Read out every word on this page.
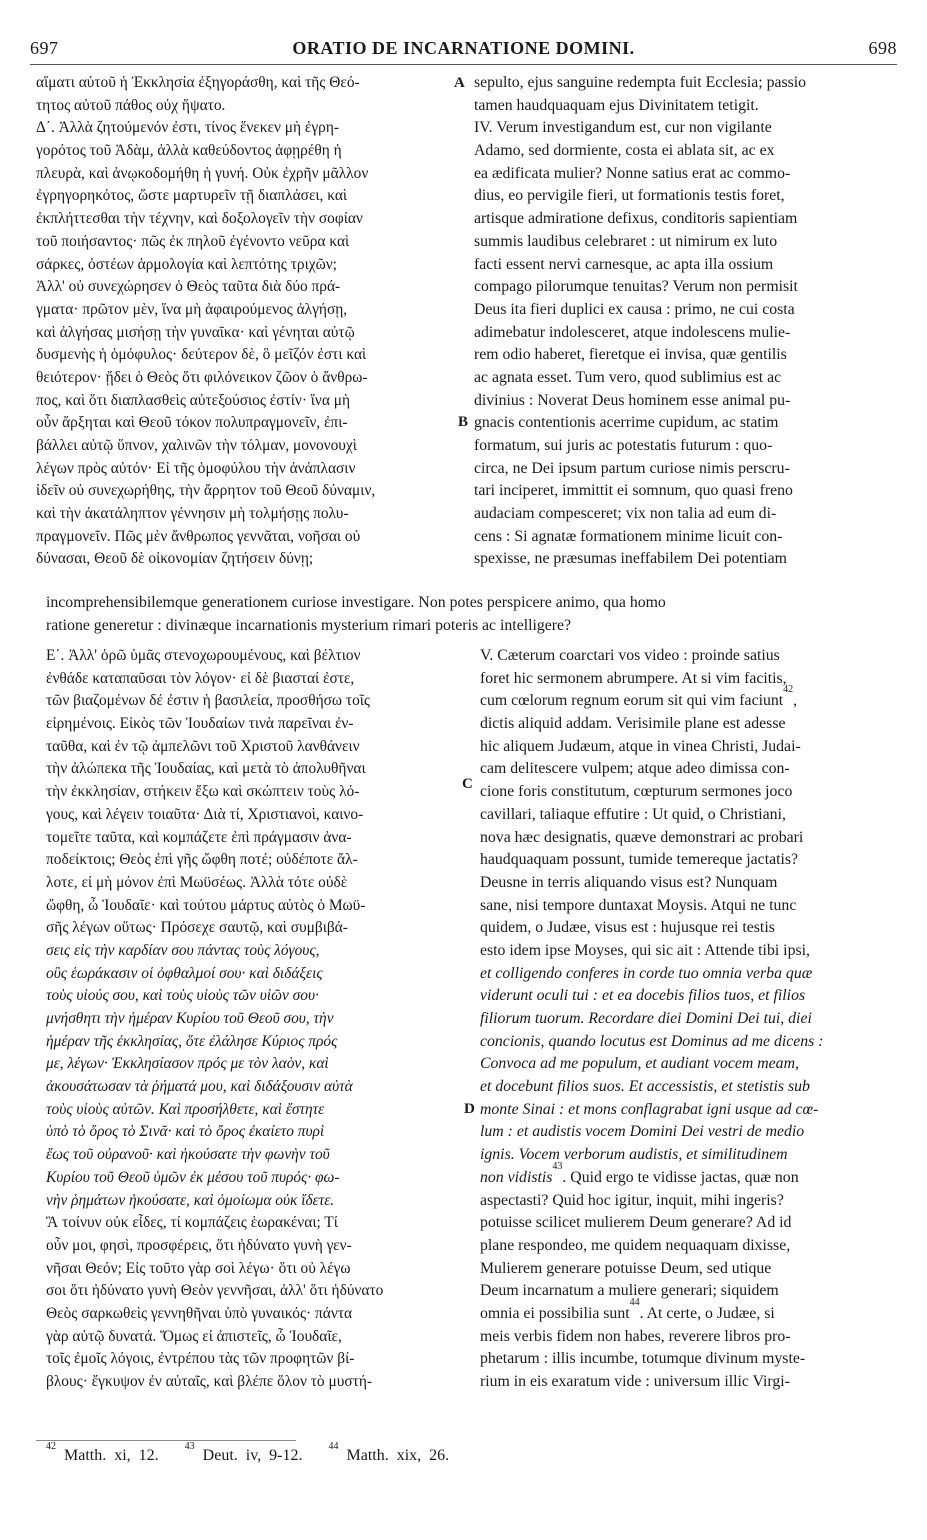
697	ORATIO DE INCARNATIONE DOMINI.	698
αἵματι αὐτοῦ ἡ Ἐκκλησία ἐξηγοράσθη, καὶ τῆς Θεό-
τητος αὐτοῦ πάθος οὐχ ἥψατο.
Δ΄. Ἀλλὰ ζητούμενόν ἐστι, τίνος ἕνεκεν μὴ ἐγρη-
γορότος τοῦ Ἀδὰμ, ἀλλὰ καθεύδοντος ἀφῃρέθη ἡ
πλευρὰ, καὶ ἀνῳκοδομήθη ἡ γυνή. Οὐκ ἐχρῆν μᾶλλον
ἐγρηγορηκότος, ὥστε μαρτυρεῖν τῇ διαπλάσει, καὶ
ἐκπλήττεσθαι τὴν τέχνην, καὶ δοξολογεῖν τὴν σοφίαν
τοῦ ποιήσαντος· πῶς ἐκ πηλοῦ ἐγένοντο νεῦρα καὶ
σάρκες, ὀστέων ἁρμολογία καὶ λεπτότης τριχῶν;
Ἀλλ' οὐ συνεχώρησεν ὁ Θεὸς ταῦτα διὰ δύο πρά-
γματα· πρῶτον μὲν, ἵνα μὴ ἀφαιρούμενος ἀλγήσῃ,
καὶ ἀλγήσας μισήσῃ τὴν γυναῖκα· καὶ γένηται αὐτῷ
δυσμενὴς ἡ ὁμόφυλος· δεύτερον δὲ, ὃ μεῖζόν ἐστι καὶ
θειότερον· ᾔδει ὁ Θεὸς ὅτι φιλόνεικον ζῶον ὁ ἄνθρω-
πος, καὶ ὅτι διαπλασθεὶς αὐτεξούσιος ἐστίν· ἵνα μὴ
οὖν ἄρξηται καὶ Θεοῦ τόκον πολυπραγμονεῖν, ἐπι-
βάλλει αὐτῷ ὕπνον, χαλινῶν τὴν τόλμαν, μονονουχὶ
λέγων πρὸς αὐτόν· Εἰ τῆς ὁμοφύλου τὴν ἀνάπλασιν
ἰδεῖν οὐ συνεχωρήθης, τὴν ἄρρητον τοῦ Θεοῦ δύναμιν,
καὶ τὴν ἀκατάληπτον γέννησιν μὴ τολμήσῃς πολυ-
πραγμονεῖν. Πῶς μὲν ἄνθρωπος γεννᾶται, νοῆσαι οὐ
δύνασαι, Θεοῦ δὲ οἰκονομίαν ζητήσειν δύνῃ;
sepulto, ejus sanguine redempta fuit Ecclesia; passio
tamen haudquaquam ejus Divinitatem tetigit.
IV. Verum investigandum est, cur non vigilante
Adamo, sed dormiente, costa ei ablata sit, ac ex
ea ædificata mulier? Nonne satius erat ac commo-
dius, eo pervigile fieri, ut formationis testis foret,
artisque admiratione defixus, conditoris sapientiam
summis laudibus celebraret : ut nimirum ex luto
facti essent nervi carnesque, ac apta illa ossium
compago pilorumque tenuitas? Verum non permisit
Deus ita fieri duplici ex causa : primo, ne cui costa
adimebatur indolesceret, atque indolescens mulie-
rem odio haberet, fieretque ei invisa, quæ gentilis
ac agnata esset. Tum vero, quod sublimius est ac
divinius : Noverat Deus hominem esse animal pu-
gnacis contentionis acerrime cupidum, ac statim
formatum, sui juris ac potestatis futurum : quo-
circa, ne Dei ipsum partum curiose nimis perscru-
tari inciperet, immittit ei somnum, quo quasi freno
audaciam compesceret; vix non talia ad eum di-
cens : Si agnatæ formationem minime licuit con-
spexisse, ne præsumas ineffabilem Dei potentiam
incomprehensibilemque generationem curiose investigare. Non potes perspicere animo, qua homo
ratione generetur : divinæque incarnationis mysterium rimari poteris ac intelligere?
Ε΄. Ἀλλ' ὁρῶ ὑμᾶς στενοχωρουμένους, καὶ βέλτιον
ἐνθάδε καταπαῦσαι τὸν λόγον· εἰ δὲ βιασταί ἐστε,
τῶν βιαζομένων δέ ἐστιν ἡ βασιλεία, προσθήσω τοῖς
εἰρημένοις. Εἰκὸς τῶν Ἰουδαίων τινὰ παρεῖναι ἐν-
ταῦθα, καὶ ἐν τῷ ἀμπελῶνι τοῦ Χριστοῦ λανθάνειν
τὴν ἀλώπεκα τῆς Ἰουδαίας, καὶ μετὰ τὸ ἀπολυθῆναι
τὴν ἐκκλησίαν, στήκειν ἔξω καὶ σκώπτειν τοὺς λό-
γους, καὶ λέγειν τοιαῦτα· Διὰ τί, Χριστιανοὶ, καινο-
τομεῖτε ταῦτα, καὶ κομπάζετε ἐπὶ πράγμασιν ἀνα-
ποδείκτοις; Θεὸς ἐπὶ γῆς ὤφθη ποτέ; οὐδέποτε ἄλ-
λοτε, εἰ μὴ μόνον ἐπὶ Μωϋσέως. Ἀλλὰ τότε οὐδὲ
ὤφθη, ὦ Ἰουδαῖε· καὶ τούτου μάρτυς αὐτὸς ὁ Μωϋ-
σῆς λέγων οὕτως· Πρόσεχε σαυτῷ, καὶ συμβιβά-
σεις εἰς τὴν καρδίαν σου πάντας τοὺς λόγους,
οὓς ἑωράκασιν οἱ ὀφθαλμοί σου· καὶ διδάξεις
τοὺς υἱούς σου, καὶ τοὺς υἱοὺς τῶν υἱῶν σου·
μνήσθητι τὴν ἡμέραν Κυρίου τοῦ Θεοῦ σου, τὴν
ἡμέραν τῆς ἐκκλησίας, ὅτε ἐλάλησε Κύριος πρός
με, λέγων· Ἐκκλησίασον πρός με τὸν λαὸν, καὶ
ἀκουσάτωσαν τὰ ῥήματά μου, καὶ διδάξουσιν αὐτὰ
τοὺς υἱοὺς αὐτῶν. Καὶ προσήλθετε, καὶ ἔστητε
ὑπὸ τὸ ὄρος τὸ Σινᾶ· καὶ τὸ ὄρος ἐκαίετο πυρὶ
ἕως τοῦ οὐρανοῦ· καὶ ἠκούσατε τὴν φωνὴν τοῦ
Κυρίου τοῦ Θεοῦ ὑμῶν ἐκ μέσου τοῦ πυρός· φω-
νὴν ῥημάτων ἠκούσατε, καὶ ὁμοίωμα οὐκ ἴδετε.
Ἃ τοίνυν οὐκ εἶδες, τί κομπάζεις ἑωρακέναι; Τί
οὖν μοι, φησὶ, προσφέρεις, ὅτι ἠδύνατο γυνὴ γεν-
νῆσαι Θεόν; Εἰς τοῦτο γὰρ σοὶ λέγω· ὅτι οὐ λέγω
σοι ὅτι ἠδύνατο γυνὴ Θεὸν γεννῆσαι, ἀλλ' ὅτι ἠδύνατο
Θεὸς σαρκωθεὶς γεννηθῆναι ὑπὸ γυναικός· πάντα
γὰρ αὐτῷ δυνατά. Ὅμως εἰ ἀπιστεῖς, ὦ Ἰουδαῖε,
τοῖς ἐμοῖς λόγοις, ἐντρέπου τὰς τῶν προφητῶν βί-
βλους· ἔγκυψον ἐν αὐταῖς, καὶ βλέπε ὅλον τὸ μυστή-
V. Cæterum coarctari vos video : proinde satius
foret hic sermonem abrumpere. At si vim facitis,
cum cœlorum regnum eorum sit qui vim faciunt$^{42}$,
dictis aliquid addam. Verisimile plane est adesse
hic aliquem Judæum, atque in vinea Christi, Judai-
cam delitescere vulpem; atque adeo dimissa con-
cione foris constitutum, cœpturum sermones joco
cavillari, taliaque effutire : Ut quid, o Christiani,
nova hæc designatis, quæve demonstrari ac probari
haudquaquam possunt, tumide temereque jactatis?
Deusne in terris aliquando visus est? Nunquam
sane, nisi tempore duntaxat Moysis. Atqui ne tunc
quidem, o Judæe, visus est : hujusque rei testis
esto idem ipse Moyses, qui sic ait : Attende tibi ipsi,
et colligendo conferes in corde tuo omnia verba quæ
viderunt oculi tui : et ea docebis filios tuos, et filios
filiorum tuorum. Recordare diei Domini Dei tui, diei
concionis, quando locutus est Dominus ad me dicens :
Convoca ad me populum, et audiant vocem meam,
et docebunt filios suos. Et accessistis, et stetistis sub
monte Sinai : et mons conflagrabat igni usque ad cœ-
lum : et audistis vocem Domini Dei vestri de medio
ignis. Vocem verborum audistis, et similitudinem
non vidistis$^{43}$. Quid ergo te vidisse jactas, quæ non
aspectasti? Quid hoc igitur, inquit, mihi ingeris?
potuisse scilicet mulierem Deum generare? Ad id
plane respondeo, me quidem nequaquam dixisse,
Mulierem generare potuisse Deum, sed utique
Deum incarnatum a muliere generari; siquidem
omnia ei possibilia sunt$^{44}$. At certe, o Judæe, si
meis verbis fidem non habes, reverere libros pro-
phetarum : illis incumbe, totumque divinum myste-
rium in eis exaratum vide : universum illic Virgi-
A
B
C
D
$^{42}$ Matth. xi, 12.43 Deut. iv, 9-12.44 Matth. xix, 26.
